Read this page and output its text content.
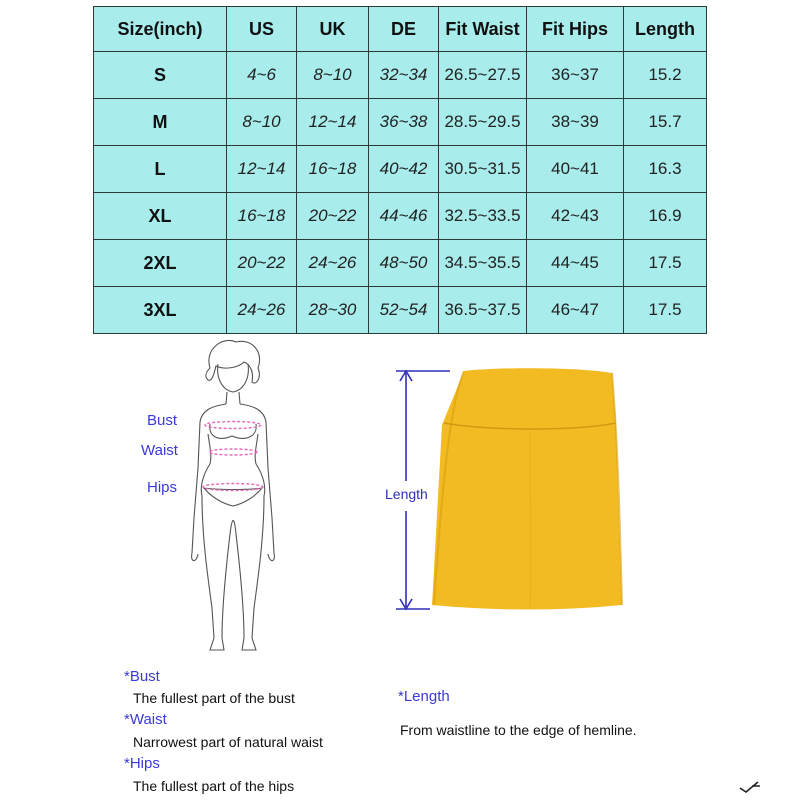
Size(inch)	US	UK	DE	Fit Waist	Fit Hips	Length
S	4~6	8~10	32~34	26.5~27.5	36~37	15.2
M	8~10	12~14	36~38	28.5~29.5	38~39	15.7
L	12~14	16~18	40~42	30.5~31.5	40~41	16.3
XL	16~18	20~22	44~46	32.5~33.5	42~43	16.9
2XL	20~22	24~26	48~50	34.5~35.5	44~45	17.5
3XL	24~26	28~30	52~54	36.5~37.5	46~47	17.5
Bust
Waist
Hips	Length
*Bust
The fullest part of the bust
*Waist
Narrowest part of natural waist
*Hips
The fullest part of the hips
*Length
From waistline to the edge of hemline.
